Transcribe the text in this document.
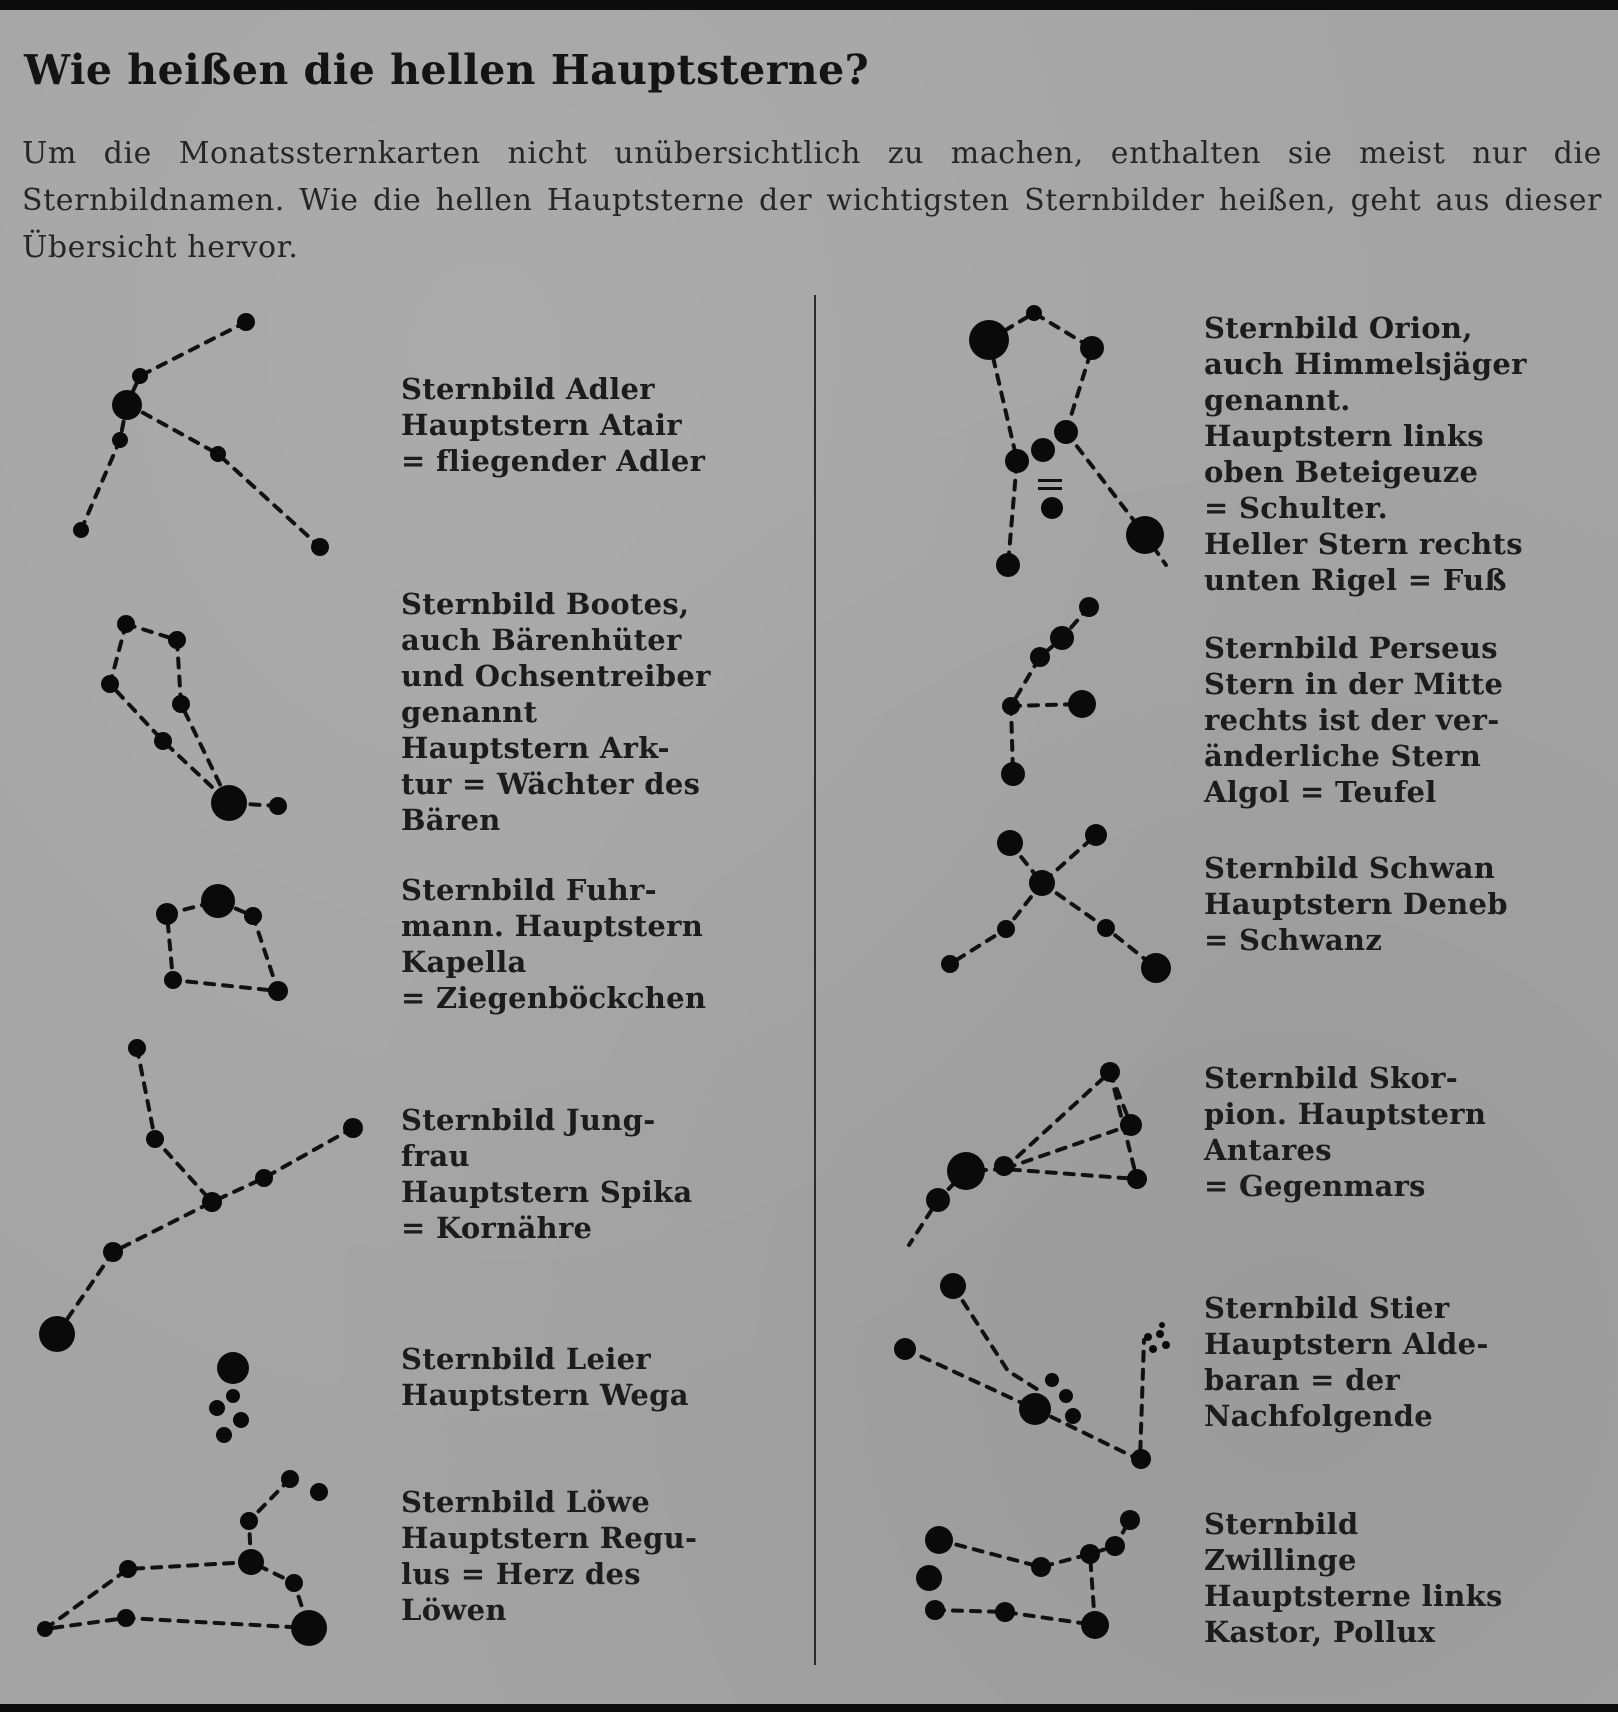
Wie heißen die hellen Hauptsterne?

Um die Monatssternkarten nicht unübersichtlich zu machen, enthalten sie meist nur die Sternbildnamen. Wie die hellen Hauptsterne der wichtigsten Sternbilder heißen, geht aus dieser Übersicht hervor.

Sternbild Adler
Hauptstern Atair
= fliegender Adler

Sternbild Bootes,
auch Bärenhüter
und Ochsentreiber
genannt
Hauptstern Ark-
tur = Wächter des
Bären

Sternbild Fuhr-
mann. Hauptstern
Kapella
= Ziegenböckchen

Sternbild Jung-
frau
Hauptstern Spika
= Kornähre

Sternbild Leier
Hauptstern Wega

Sternbild Löwe
Hauptstern Regu-
lus = Herz des
Löwen

Sternbild Orion,
auch Himmelsjäger
genannt.
Hauptstern links
oben Beteigeuze
= Schulter.
Heller Stern rechts
unten Rigel = Fuß

Sternbild Perseus
Stern in der Mitte
rechts ist der ver-
änderliche Stern
Algol = Teufel

Sternbild Schwan
Hauptstern Deneb
= Schwanz

Sternbild Skor-
pion. Hauptstern
Antares
= Gegenmars

Sternbild Stier
Hauptstern Alde-
baran = der
Nachfolgende

Sternbild
Zwillinge
Hauptsterne links
Kastor, Pollux
